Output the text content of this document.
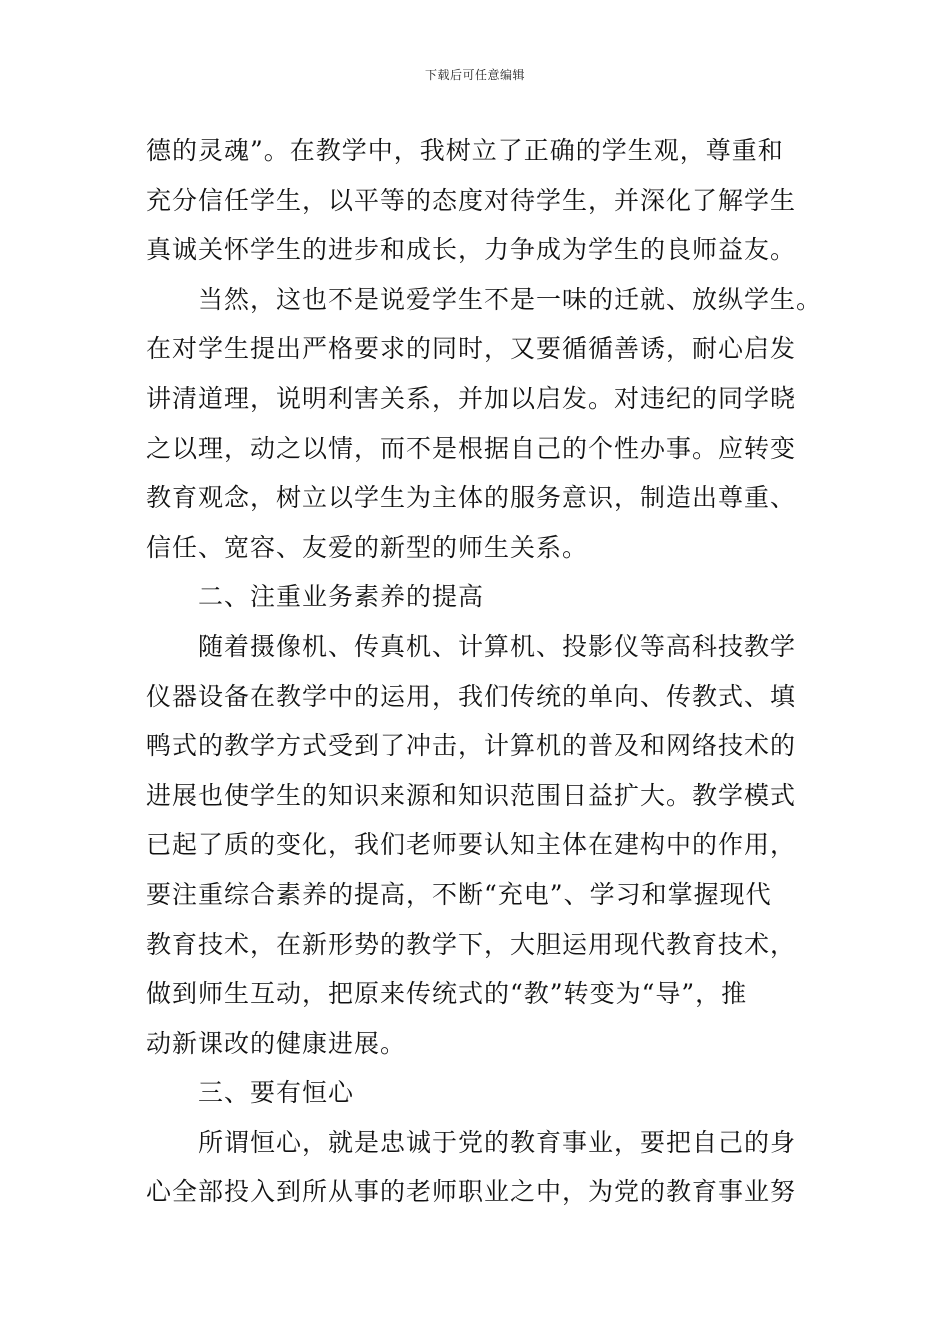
下载后可任意编辑
德的灵魂”。在教学中，我树立了正确的学生观，尊重和
充分信任学生，以平等的态度对待学生，并深化了解学生
真诚关怀学生的进步和成长，力争成为学生的良师益友。
当然，这也不是说爱学生不是一味的迁就、放纵学生。
在对学生提出严格要求的同时，又要循循善诱，耐心启发
讲清道理，说明利害关系，并加以启发。对违纪的同学晓
之以理，动之以情，而不是根据自己的个性办事。应转变
教育观念，树立以学生为主体的服务意识，制造出尊重、
信任、宽容、友爱的新型的师生关系。
二、注重业务素养的提高
随着摄像机、传真机、计算机、投影仪等高科技教学
仪器设备在教学中的运用，我们传统的单向、传教式、填
鸭式的教学方式受到了冲击，计算机的普及和网络技术的
进展也使学生的知识来源和知识范围日益扩大。教学模式
已起了质的变化，我们老师要认知主体在建构中的作用，
要注重综合素养的提高，不断“充电”、学习和掌握现代
教育技术，在新形势的教学下，大胆运用现代教育技术，
做到师生互动，把原来传统式的“教”转变为“导”，推
动新课改的健康进展。
三、要有恒心
所谓恒心，就是忠诚于党的教育事业，要把自己的身
心全部投入到所从事的老师职业之中，为党的教育事业努
